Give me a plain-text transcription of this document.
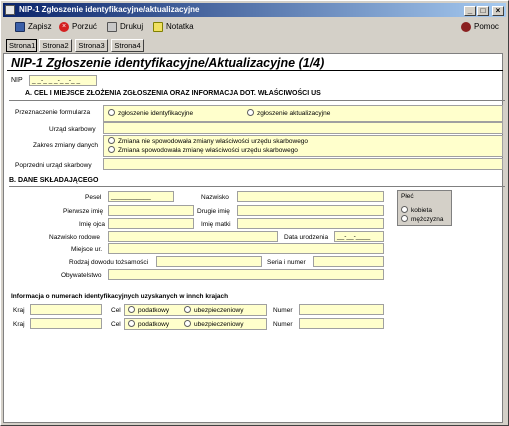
NIP-1 Zgłoszenie identyfikacyjne/aktualizacyjne	_	□	×
Zapisz	× Porzuć	Drukuj	Notatka	Pomoc
Strona1 Strona2	Strona3	Strona4
NIP-1 Zgłoszenie identyfikacyjne/Aktualizacyjne (1/4)
NIP	_ _-_ _ _-_ _-_ _
A. CEL I MIEJSCE ZŁOŻENIA ZGŁOSZENIA ORAZ INFORMACJA DOT. WŁAŚCIWOŚCI US
Przeznaczenie formularza	zgłoszenie identyfikacyjne	zgłoszenie aktualizacyjne
Urząd skarbowy
Zakres zmiany danych
Zmiana nie spowodowała zmiany właściwości urzędu skarbowego
Zmiana spowodowała zmianę właściwości urzędu skarbowego
Poprzedni urząd skarbowy
B. DANE SKŁADAJĄCEGO
Pesel	___________	Nazwisko
Pierwsze imię	Drugie imię
Imię ojca	Imię matki
Nazwisko rodowe	Data urodzenia	__-__-____
Miejsce ur.
Rodzaj dowodu tożsamości	Seria i numer
Obywatelstwo
Płeć
kobieta
mężczyzna
Informacja o numerach identyfikacyjnych uzyskanych w innch krajach
Kraj	Cel	podatkowy	ubezpieczeniowy	Numer
Kraj	Cel	podatkowy	ubezpieczeniowy	Numer
